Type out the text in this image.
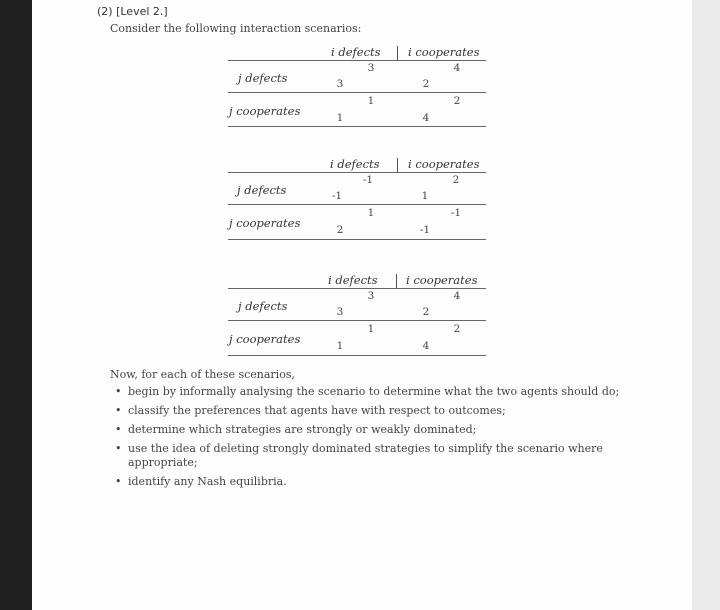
(2) [Level 2.]
Consider the following interaction scenarios:
i defects i cooperates
j defects
3
3
4
2
j cooperates
1
1
2
4
i defects i cooperates
j defects
-1
-1
2
1
j cooperates
1
2
-1
-1
i defects i cooperates
j defects
3
3
4
2
j cooperates
1
1
2
4
Now, for each of these scenarios,
• begin by informally analysing the scenario to determine what the two agents should do;
• classify the preferences that agents have with respect to outcomes;
• determine which strategies are strongly or weakly dominated;
• use the idea of deleting strongly dominated strategies to simplify the scenario where appropriate;
• identify any Nash equilibria.
